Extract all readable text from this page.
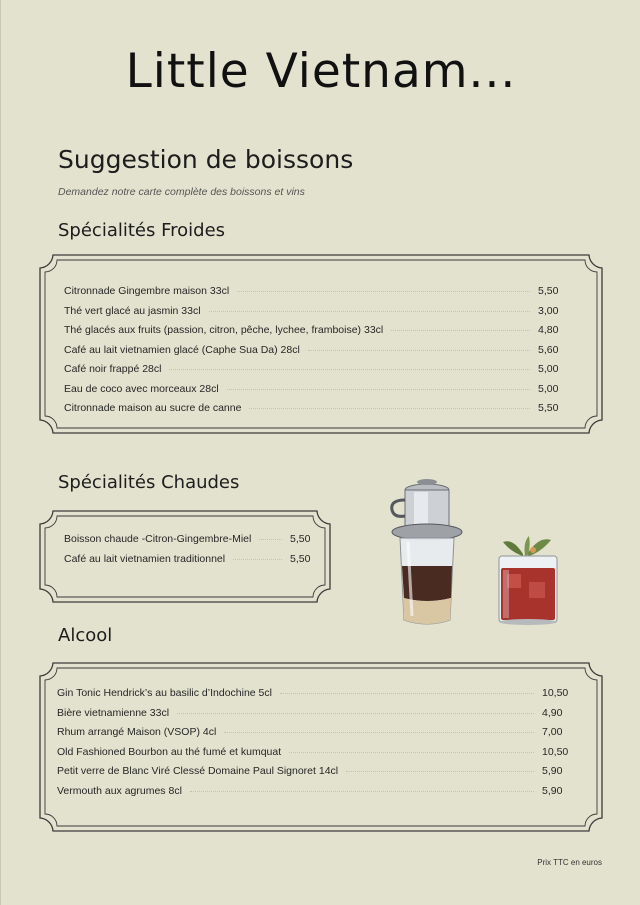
Little Vietnam...
Suggestion de boissons
Demandez notre carte complète des boissons et vins
Spécialités Froides
Citronnade Gingembre maison 33cl	5,50
Thé vert glacé au jasmin 33cl	3,00
Thé glacés aux fruits (passion, citron, pêche, lychee, framboise) 33cl	4,80
Café au lait vietnamien glacé (Caphe Sua Da) 28cl	5,60
Café noir frappé 28cl	5,00
Eau de coco avec morceaux 28cl	5,00
Citronnade maison au sucre de canne	5,50
Spécialités Chaudes
Boisson chaude -Citron-Gingembre-Miel	5,50
Café au lait vietnamien traditionnel	5,50
Alcool
Gin Tonic Hendrick’s au basilic d’Indochine 5cl	10,50
Bière vietnamienne 33cl	4,90
Rhum arrangé Maison (VSOP) 4cl	7,00
Old Fashioned Bourbon au thé fumé et kumquat	10,50
Petit verre de Blanc Viré Clessé Domaine Paul Signoret 14cl	5,90
Vermouth aux agrumes 8cl	5,90
Prix TTC en euros
